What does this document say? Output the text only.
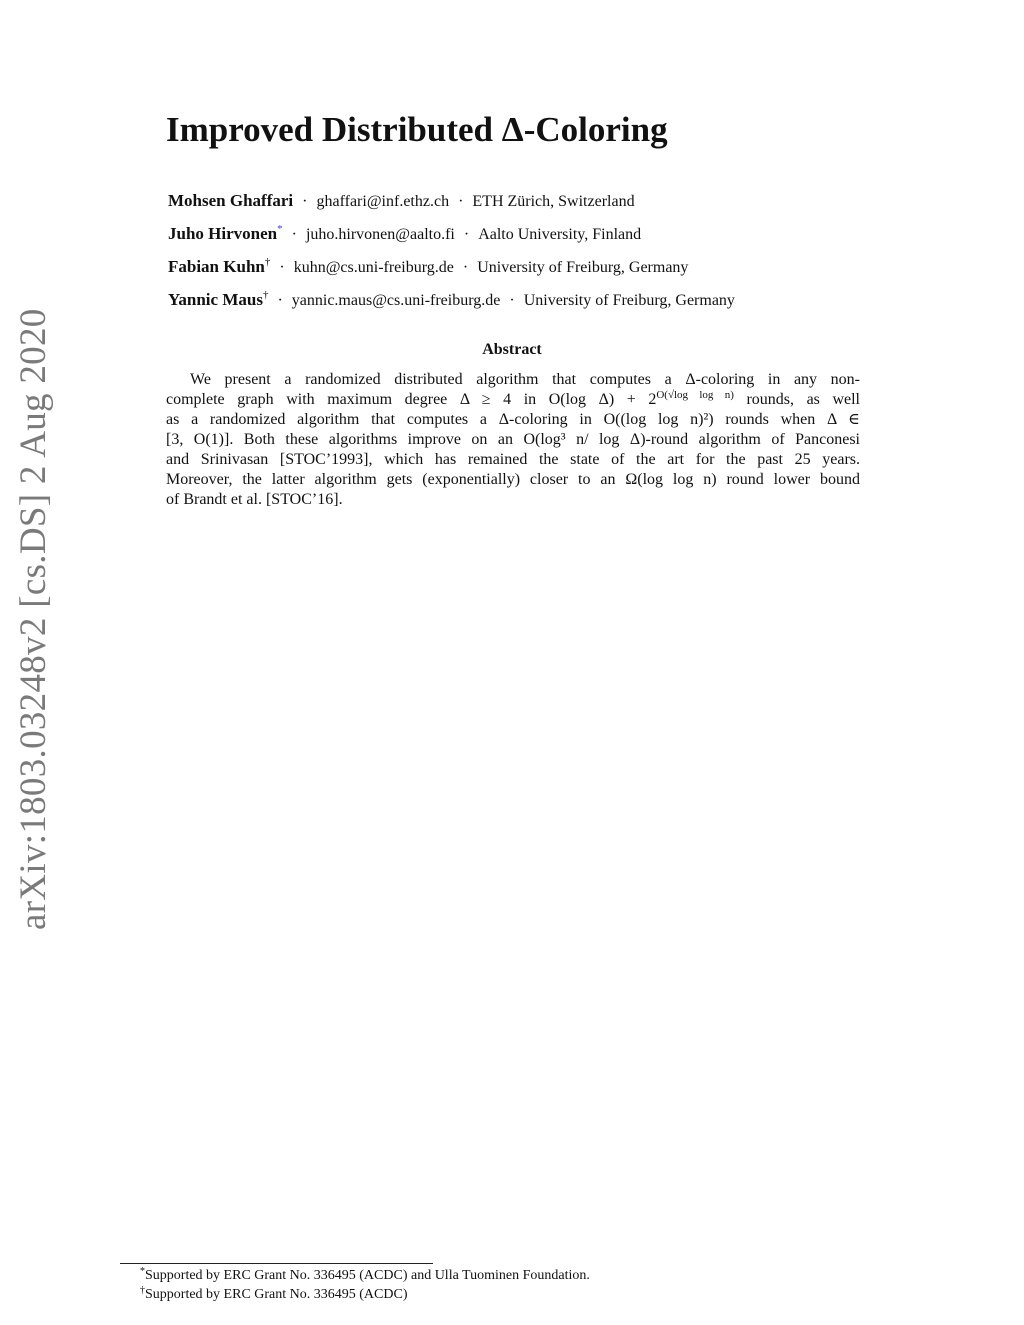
arXiv:1803.03248v2 [cs.DS] 2 Aug 2020
Improved Distributed Δ-Coloring
Mohsen Ghaffari · ghaffari@inf.ethz.ch · ETH Zürich, Switzerland
Juho Hirvonen* · juho.hirvonen@aalto.fi · Aalto University, Finland
Fabian Kuhn† · kuhn@cs.uni-freiburg.de · University of Freiburg, Germany
Yannic Maus† · yannic.maus@cs.uni-freiburg.de · University of Freiburg, Germany
Abstract
We present a randomized distributed algorithm that computes a Δ-coloring in any non-
complete graph with maximum degree Δ ≥ 4 in O(log $\Delta) + 2^{O(√log log n)}$ rounds, as well
as a randomized algorithm that computes a Δ-coloring in O((log log n)²) rounds when Δ ∈
[3, O(1)]. Both these algorithms improve on an O(log³ n/ log Δ)-round algorithm of Panconesi
and Srinivasan [STOC’1993], which has remained the state of the art for the past 25 years.
Moreover, the latter algorithm gets (exponentially) closer to an Ω(log log n) round lower bound
of Brandt et al. [STOC’16].
*Supported by ERC Grant No. 336495 (ACDC) and Ulla Tuominen Foundation.
†Supported by ERC Grant No. 336495 (ACDC)
